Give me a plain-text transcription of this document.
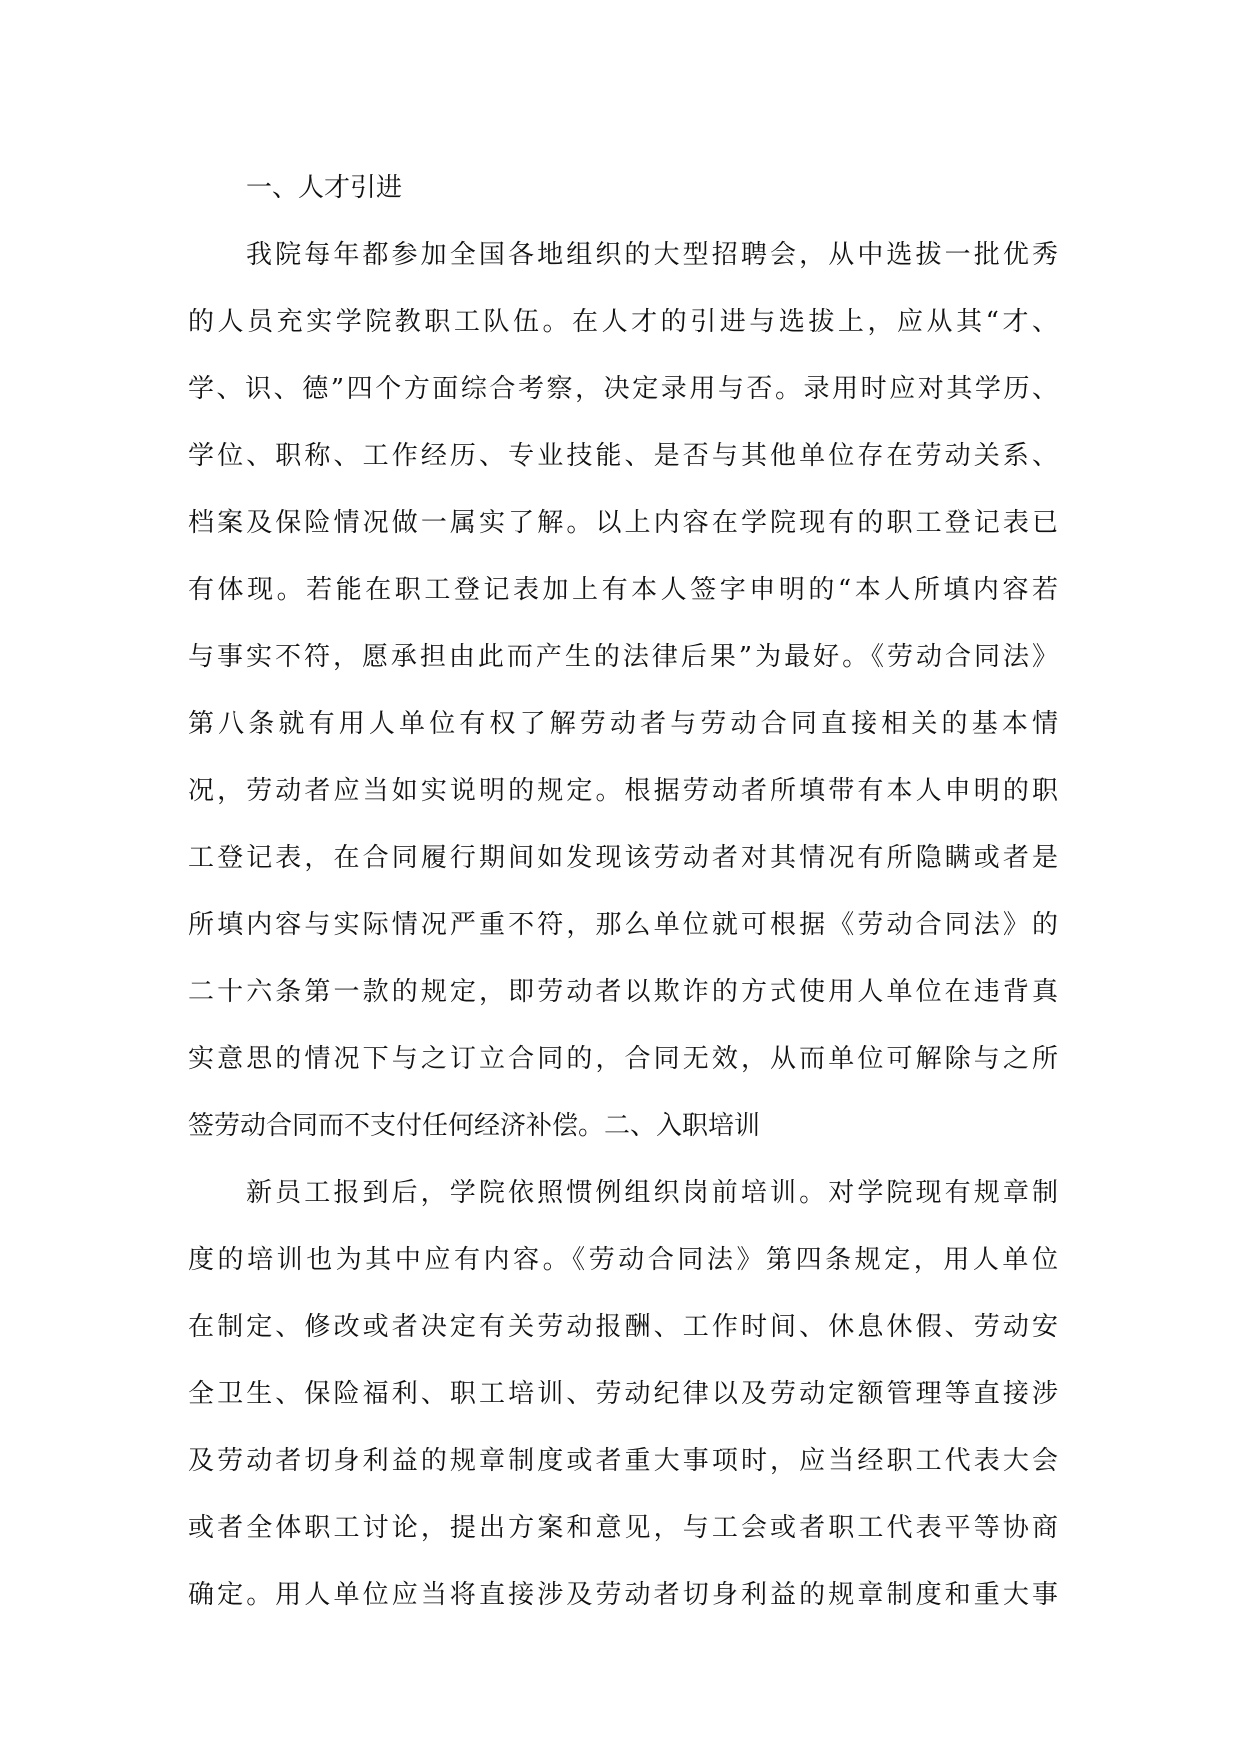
一、人才引进
我院每年都参加全国各地组织的大型招聘会，从中选拔一批优秀
的人员充实学院教职工队伍。在人才的引进与选拔上，应从其“才、
学、识、德”四个方面综合考察，决定录用与否。录用时应对其学历、
学位、职称、工作经历、专业技能、是否与其他单位存在劳动关系、
档案及保险情况做一属实了解。以上内容在学院现有的职工登记表已
有体现。若能在职工登记表加上有本人签字申明的“本人所填内容若
与事实不符，愿承担由此而产生的法律后果”为最好。《劳动合同法》
第八条就有用人单位有权了解劳动者与劳动合同直接相关的基本情
况，劳动者应当如实说明的规定。根据劳动者所填带有本人申明的职
工登记表，在合同履行期间如发现该劳动者对其情况有所隐瞒或者是
所填内容与实际情况严重不符，那么单位就可根据《劳动合同法》的
二十六条第一款的规定，即劳动者以欺诈的方式使用人单位在违背真
实意思的情况下与之订立合同的，合同无效，从而单位可解除与之所
签劳动合同而不支付任何经济补偿。二、入职培训
新员工报到后，学院依照惯例组织岗前培训。对学院现有规章制
度的培训也为其中应有内容。《劳动合同法》第四条规定，用人单位
在制定、修改或者决定有关劳动报酬、工作时间、休息休假、劳动安
全卫生、保险福利、职工培训、劳动纪律以及劳动定额管理等直接涉
及劳动者切身利益的规章制度或者重大事项时，应当经职工代表大会
或者全体职工讨论，提出方案和意见，与工会或者职工代表平等协商
确定。用人单位应当将直接涉及劳动者切身利益的规章制度和重大事
